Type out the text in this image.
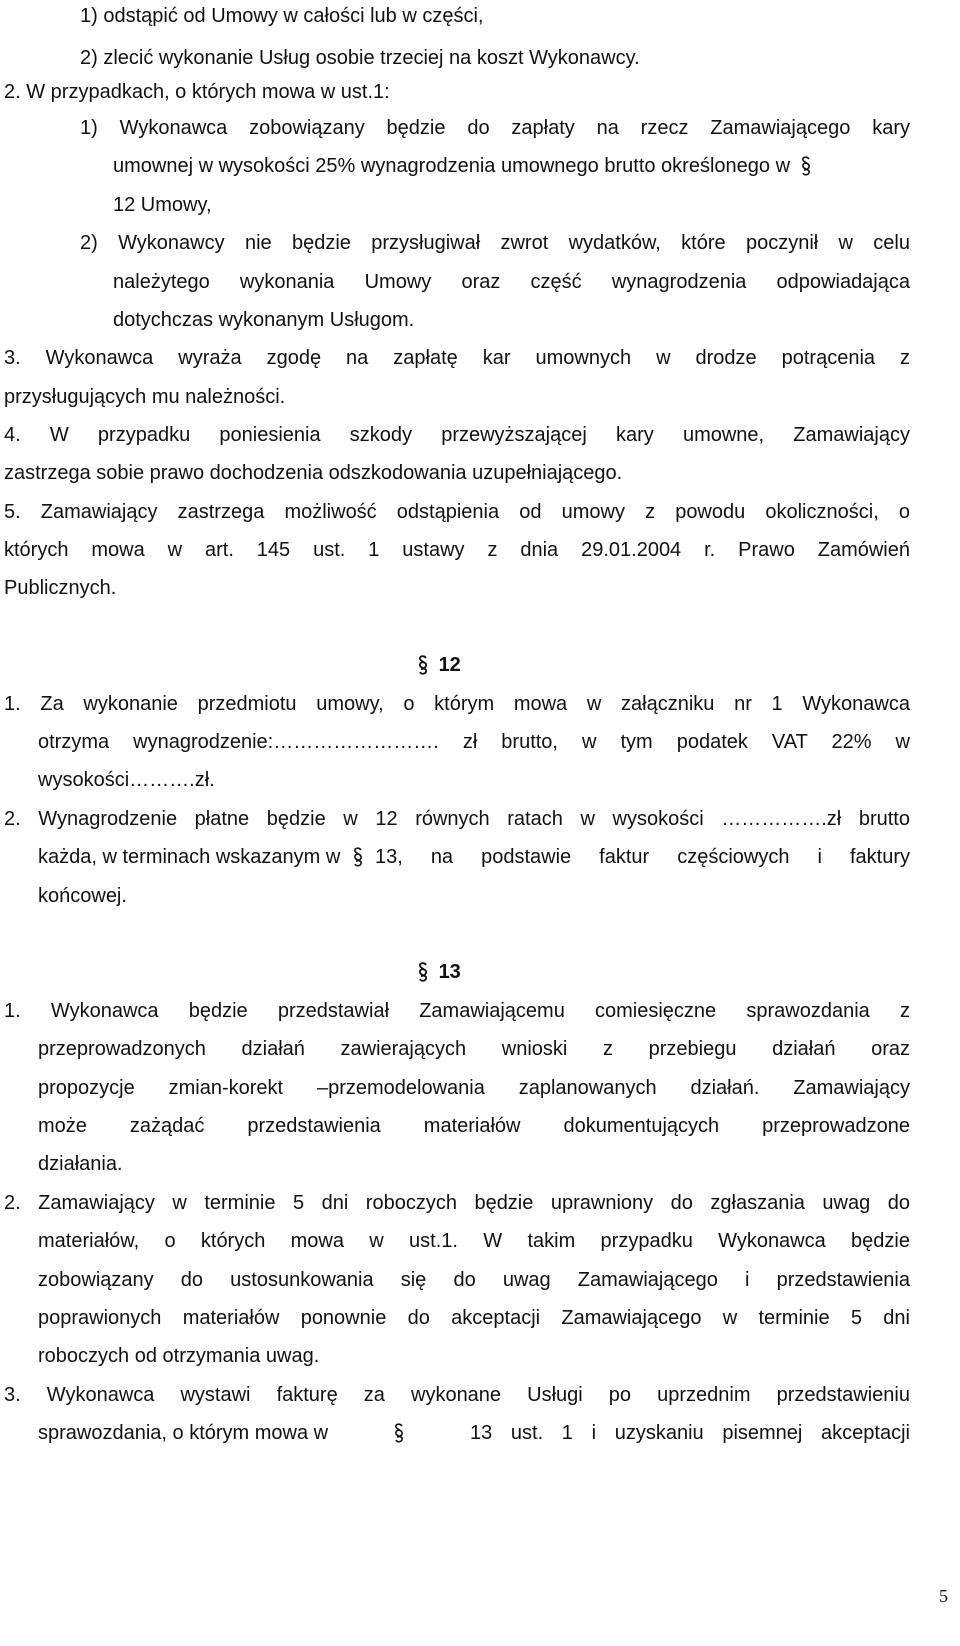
1) odstąpić od Umowy w całości lub w części,
2) zlecić wykonanie Usług osobie trzeciej na koszt Wykonawcy.
2. W przypadkach, o których mowa w ust.1:
1) Wykonawca zobowiązany będzie do zapłaty na rzecz Zamawiającego kary
umownej w wysokości 25% wynagrodzenia umownego brutto określonego w
12 Umowy,
2) Wykonawcy nie będzie przysługiwał zwrot wydatków, które poczynił w celu
należytego wykonania Umowy oraz część wynagrodzenia odpowiadająca
dotychczas wykonanym Usługom.
3. Wykonawca wyraża zgodę na zapłatę kar umownych w drodze potrącenia z
przysługujących mu należności.
4. W przypadku poniesienia szkody przewyższającej kary umowne, Zamawiający
zastrzega sobie prawo dochodzenia odszkodowania uzupełniającego.
5. Zamawiający zastrzega możliwość odstąpienia od umowy z powodu okoliczności, o
których mowa w art. 145 ust. 1 ustawy z dnia 29.01.2004 r. Prawo Zamówień
Publicznych.
12
1. Za wykonanie przedmiotu umowy, o którym mowa w załączniku nr 1 Wykonawca
otrzyma wynagrodzenie:……………………. zł brutto, w tym podatek VAT 22% w
wysokości……….zł.
2. Wynagrodzenie płatne będzie w 12 równych ratach w wysokości …………….zł brutto
każda, w terminach wskazanym w 13, na podstawie faktur częściowych i faktury
końcowej.
13
1. Wykonawca będzie przedstawiał Zamawiającemu comiesięczne sprawozdania z
przeprowadzonych działań zawierających wnioski z przebiegu działań oraz
propozycje zmian-korekt –przemodelowania zaplanowanych działań. Zamawiający
może zażądać przedstawienia materiałów dokumentujących przeprowadzone
działania.
2. Zamawiający w terminie 5 dni roboczych będzie uprawniony do zgłaszania uwag do
materiałów, o których mowa w ust.1. W takim przypadku Wykonawca będzie
zobowiązany do ustosunkowania się do uwag Zamawiającego i przedstawienia
poprawionych materiałów ponownie do akceptacji Zamawiającego w terminie 5 dni
roboczych od otrzymania uwag.
3. Wykonawca wystawi fakturę za wykonane Usługi po uprzednim przedstawieniu
sprawozdania, o którym mowa w	13 ust. 1 i uzyskaniu pisemnej akceptacji
5
